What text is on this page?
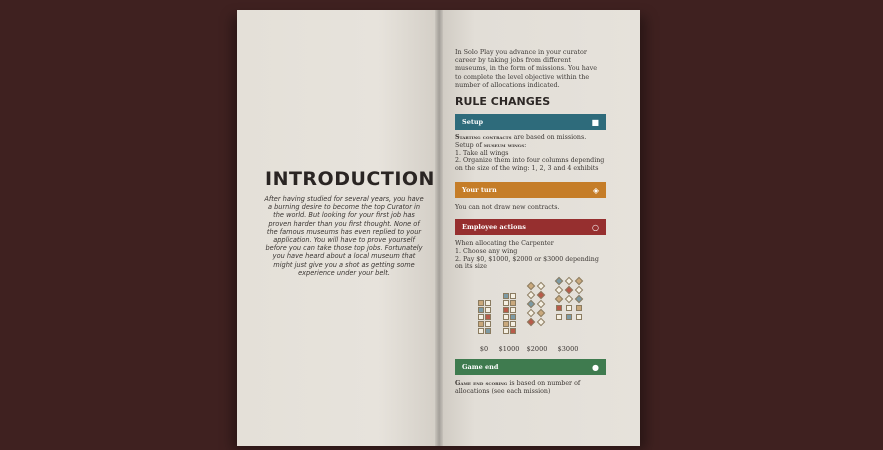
INTRODUCTION
After having studied for several years, you have a burning desire to become the top Curator in the world. But looking for your first job has proven harder than you first thought. None of the famous museums has even replied to your application. You will have to prove yourself before you can take those top jobs. Fortunately you have heard about a local museum that might just give you a shot as getting some experience under your belt.
In Solo Play you advance in your curator career by taking jobs from different museums, in the form of missions. You have to complete the level objective within the number of allocations indicated.
RULE CHANGES
Setup	■
Starting contracts are based on missions.
Setup of museum wings:
1. Take all wings
2. Organize them into four columns depending on the size of the wing: 1, 2, 3 and 4 exhibits
Your turn	◈
You can not draw new contracts.
Employee actions	○
When allocating the Carpenter
1. Choose any wing
2. Pay $0, $1000, $2000 or $3000 depending on its size
$0	$1000	$2000	$3000
Game end	●
Game end scoring is based on number of allocations (see each mission)
